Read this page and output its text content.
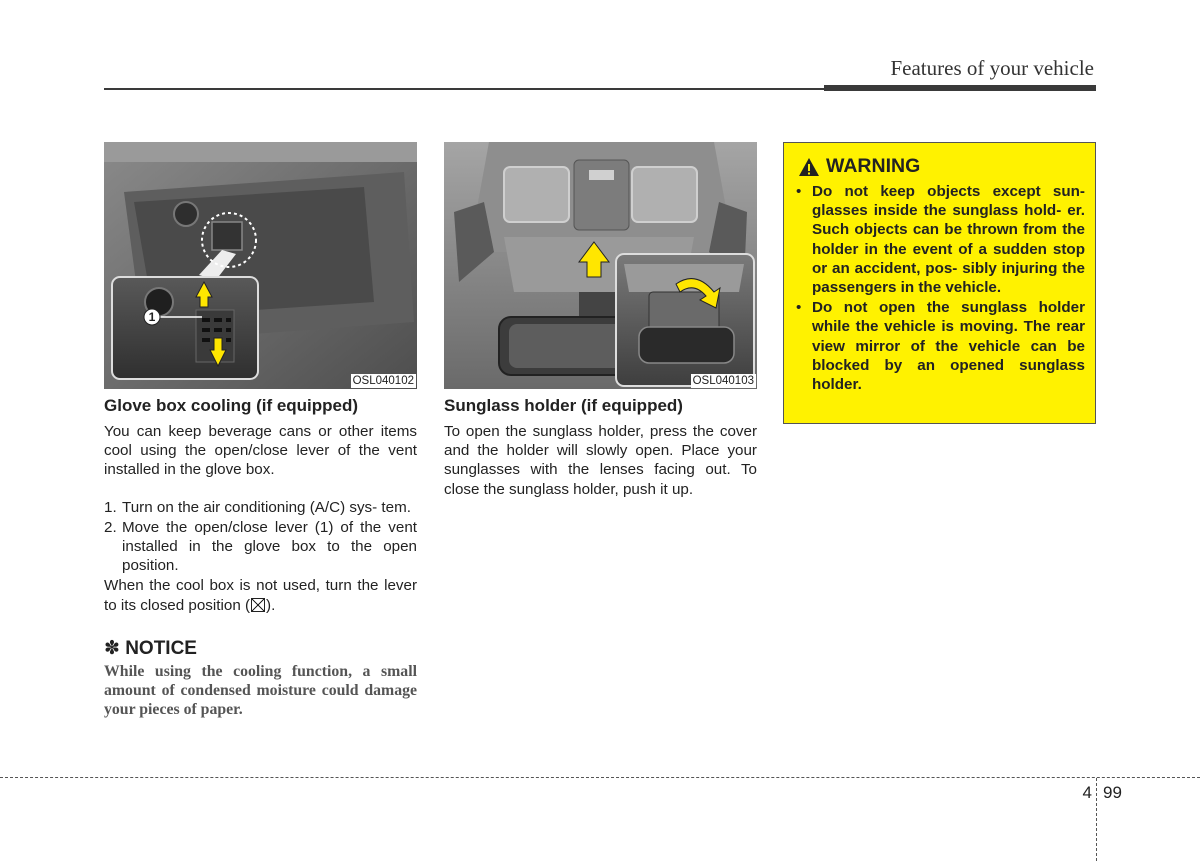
Features of your vehicle
1
OSL040102
Glove box cooling (if equipped)

You can keep beverage cans or other items cool using the open/close lever of the vent installed in the glove box.

1. Turn on the air conditioning (A/C) sys- tem.
2. Move the open/close lever (1) of the vent installed in the glove box to the open position.

When the cool box is not used, turn the lever to its closed position ( ).

✽ NOTICE
While using the cooling function, a small amount of condensed moisture could damage your pieces of paper.
OSL040103
Sunglass holder (if equipped)

To open the sunglass holder, press the cover and the holder will slowly open. Place your sunglasses with the lenses facing out. To close the sunglass holder, push it up.

WARNING
• Do not keep objects except sun- glasses inside the sunglass hold- er. Such objects can be thrown from the holder in the event of a sudden stop or an accident, pos- sibly injuring the passengers in the vehicle.
• Do not open the sunglass holder while the vehicle is moving. The rear view mirror of the vehicle can be blocked by an opened sunglass holder.
4 99
